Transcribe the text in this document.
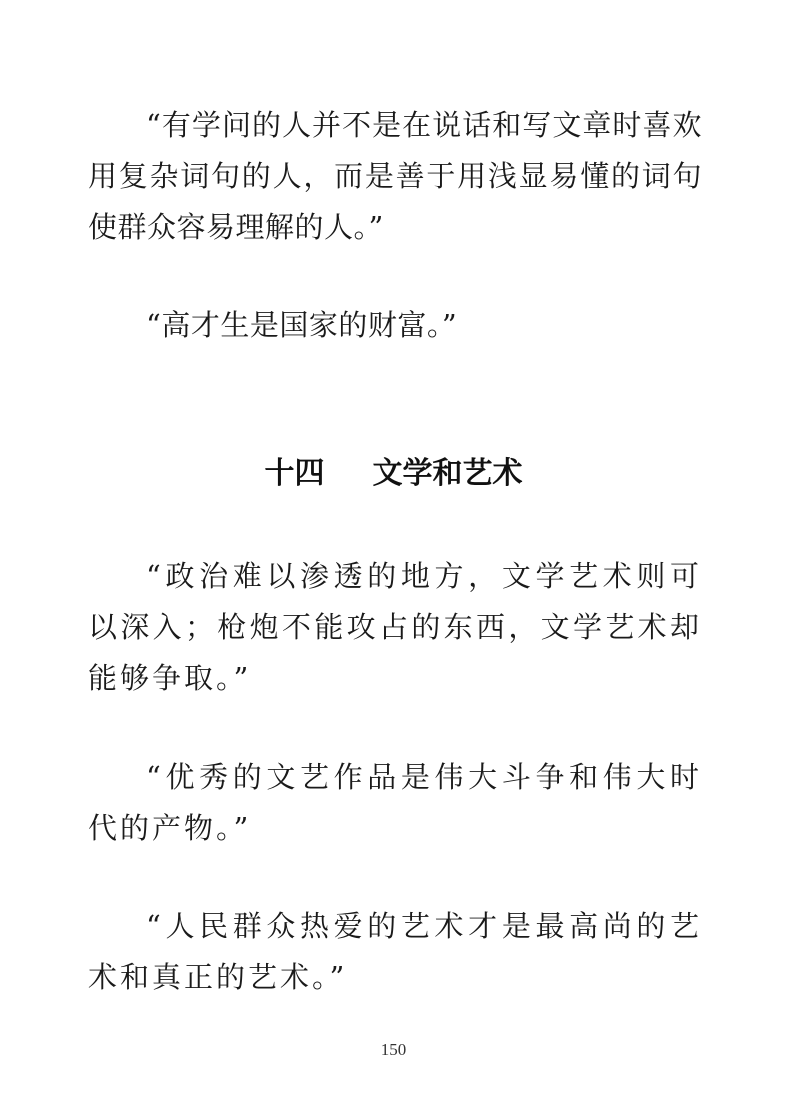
“有学问的人并不是在说话和写文章时喜欢用复杂词句的人，而是善于用浅显易懂的词句使群众容易理解的人。”

“高才生是国家的财富。”

十四 文学和艺术

“政治难以渗透的地方，文学艺术则可以深入；枪炮不能攻占的东西，文学艺术却能够争取。”

“优秀的文艺作品是伟大斗争和伟大时代的产物。”

“人民群众热爱的艺术才是最高尚的艺术和真正的艺术。”

150
